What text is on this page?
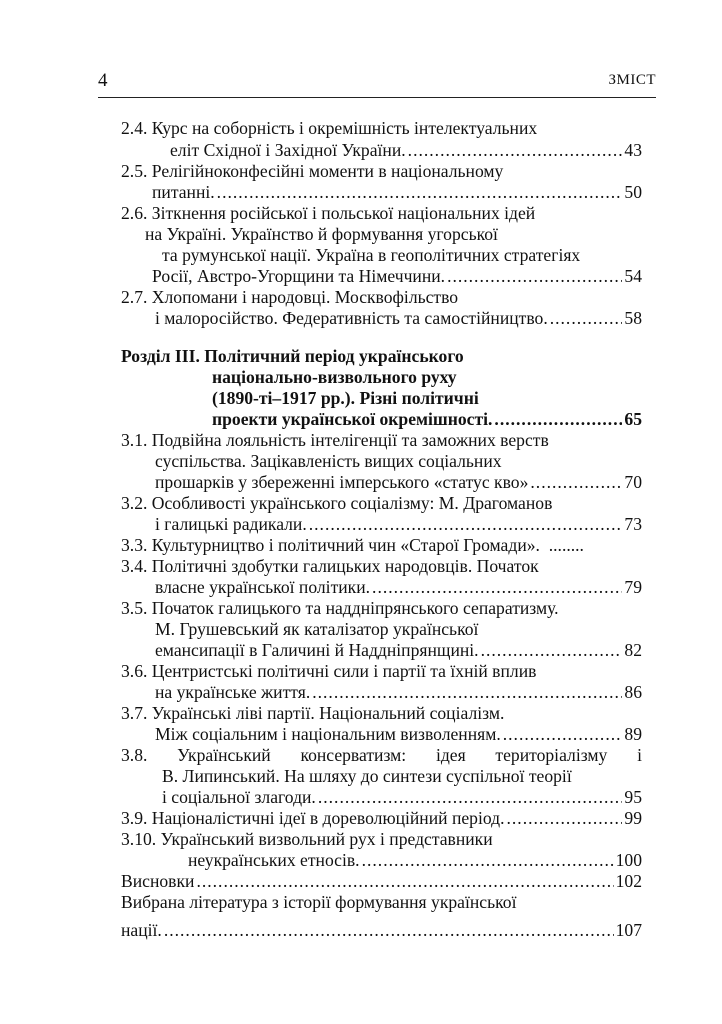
4	ЗМІСТ
2.4. Курс на соборність і окремішність інтелектуальних
еліт Східної і Західної України. .....	43
2.5. Релігійноконфесійні моменти в національному
питанні. .....	50
2.6. Зіткнення російської і польської національних ідей
на Україні. Українство й формування угорської
та румунської нації. Україна в геополітичних стратегіях
Росії, Австро-Угорщини та Німеччини. .....	54
2.7. Хлопомани і народовці. Москвофільство
і малоросійство. Федеративність та самостійництво. .....	58
Розділ III. Політичний період українського
національно-визвольного руху
(1890-ті–1917 рр.). Різні політичні
проекти української окремішності. .....	65
3.1. Подвійна лояльність інтелігенції та заможних верств
суспільства. Зацікавленість вищих соціальних
прошарків у збереженні імперського «статус кво» .....	70
3.2. Особливості українського соціалізму: М. Драгоманов
і галицькі радикали. .....	73
3.3. Культурництво і політичний чин «Старої Громади».  ........
3.4. Політичні здобутки галицьких народовців. Початок
власне української політики. .....	79
3.5. Початок галицького та наддніпрянського сепаратизму.
М. Грушевський як каталізатор української
емансипації в Галичині й Наддніпрянщині. .....	82
3.6. Центристські політичні сили і партії та їхній вплив
на українське життя. .....	86
3.7. Українські ліві партії. Національний соціалізм.
Між соціальним і національним визволенням. .....	89
3.8. Український консерватизм: ідея територіалізму і
В. Липинський. На шляху до синтези суспільної теорії
і соціальної злагоди. .....	95
3.9. Націоналістичні ідеї в дореволюційний період. .....	99
3.10. Український визвольний рух і представники
неукраїнських етносів. .....	100
Висновки .....	102
Вибрана література з історії формування української
нації. .....	107
